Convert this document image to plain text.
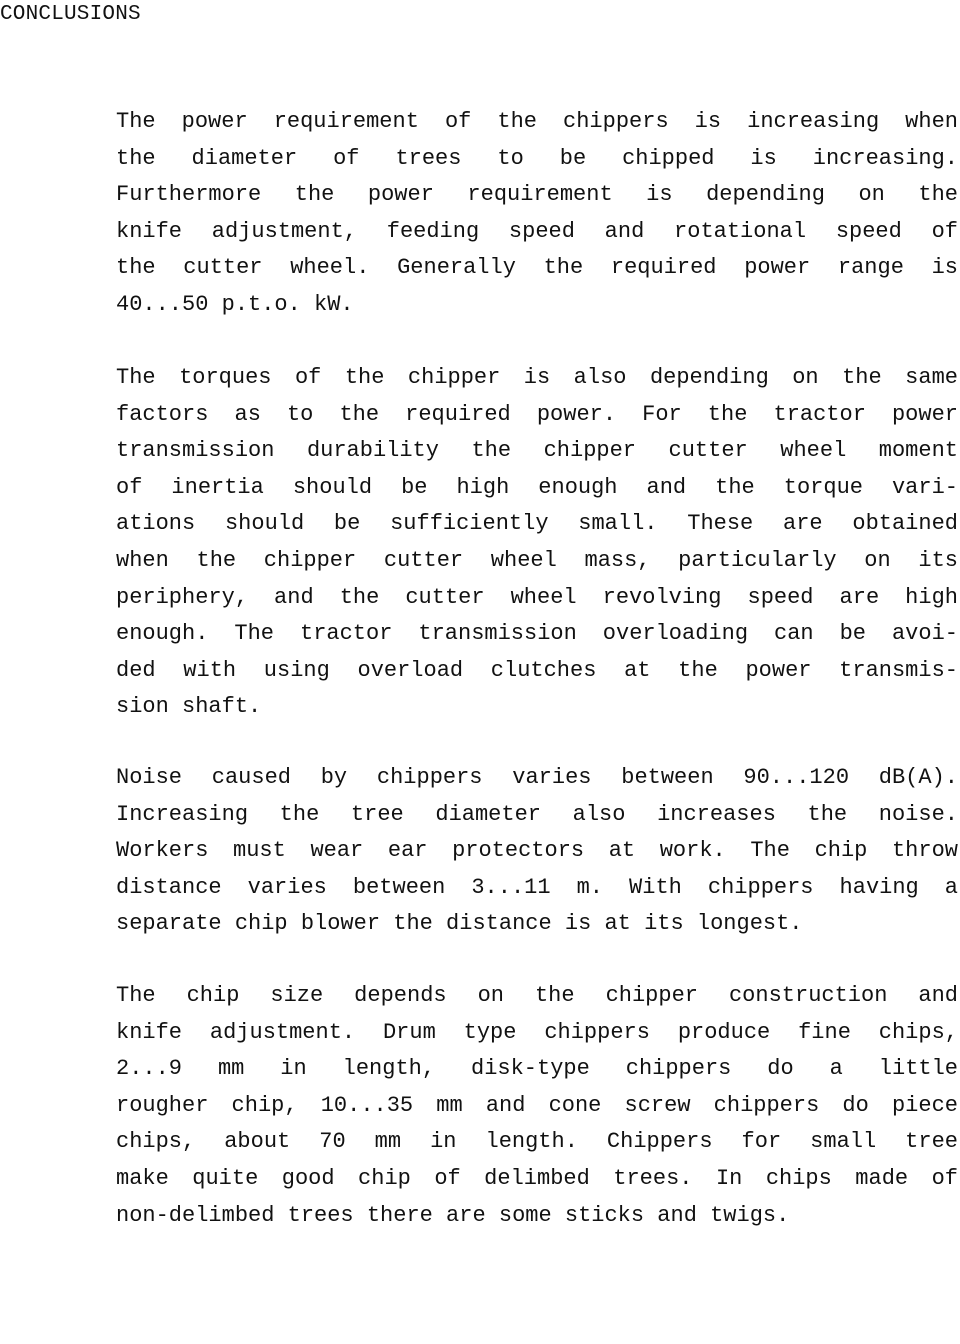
CONCLUSIONS
The power requirement of the chippers is increasing when
the diameter of trees to be chipped is increasing.
Furthermore the power requirement is depending on the
knife adjustment, feeding speed and rotational speed of
the cutter wheel. Generally the required power range is
40...50 p.t.o. kW.
The torques of the chipper is also depending on the same
factors as to the required power. For the tractor power
transmission durability the chipper cutter wheel moment
of inertia should be high enough and the torque vari-
ations should be sufficiently small. These are obtained
when the chipper cutter wheel mass, particularly on its
periphery, and the cutter wheel revolving speed are high
enough. The tractor transmission overloading can be avoi-
ded with using overload clutches at the power transmis-
sion shaft.
Noise caused by chippers varies between 90...120 dB(A).
Increasing the tree diameter also increases the noise.
Workers must wear ear protectors at work. The chip throw
distance varies between 3...11 m. With chippers having a
separate chip blower the distance is at its longest.
The chip size depends on the chipper construction and
knife adjustment. Drum type chippers produce fine chips,
2...9 mm in length, disk-type chippers do a little
rougher chip, 10...35 mm and cone screw chippers do piece
chips, about 70 mm in length. Chippers for small tree
make quite good chip of delimbed trees. In chips made of
non-delimbed trees there are some sticks and twigs.
